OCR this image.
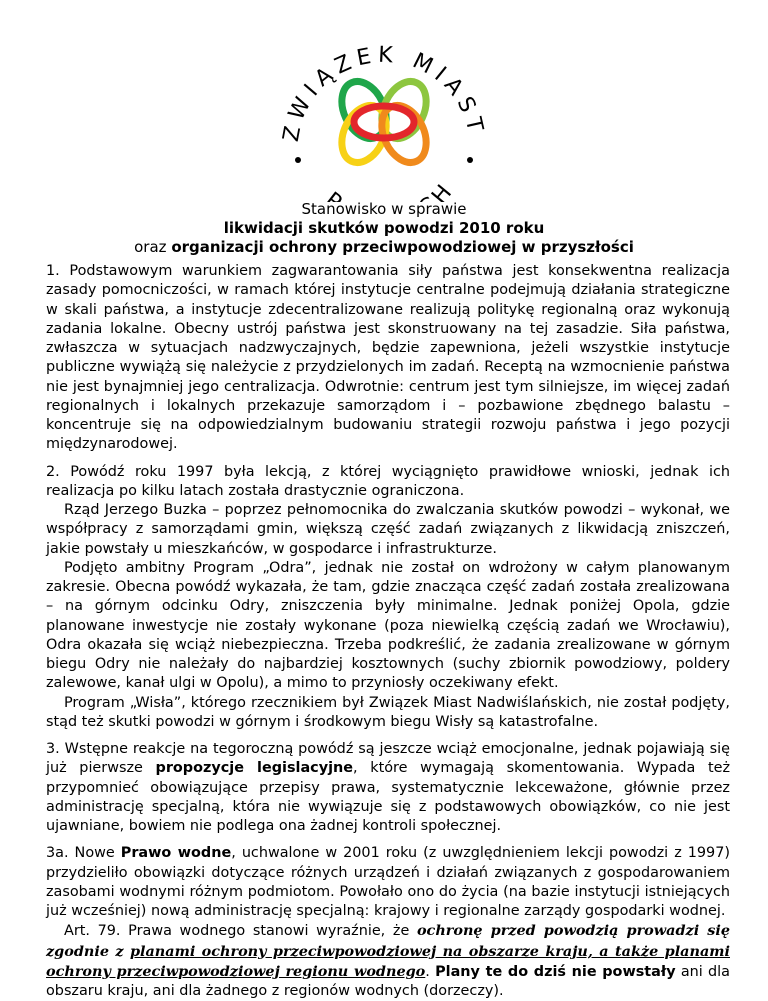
ZWIĄZEK MIAST
H
Stanowisko w sprawie
likwidacji skutków powodzi 2010 roku
oraz organizacji ochrony przeciwpowodziowej w przyszłości

1. Podstawowym warunkiem zagwarantowania siły państwa jest konsekwentna realizacja zasady pomocniczości, w ramach której instytucje centralne podejmują działania strategiczne w skali państwa, a instytucje zdecentralizowane realizują politykę regionalną oraz wykonują zadania lokalne. Obecny ustrój państwa jest skonstruowany na tej zasadzie. Siła państwa, zwłaszcza w sytuacjach nadzwyczajnych, będzie zapewniona, jeżeli wszystkie instytucje publiczne wywiążą się należycie z przydzielonych im zadań. Receptą na wzmocnienie państwa nie jest bynajmniej jego centralizacja. Odwrotnie: centrum jest tym silniejsze, im więcej zadań regionalnych i lokalnych przekazuje samorządom i – pozbawione zbędnego balastu – koncentruje się na odpowiedzialnym budowaniu strategii rozwoju państwa i jego pozycji międzynarodowej.

2. Powódź roku 1997 była lekcją, z której wyciągnięto prawidłowe wnioski, jednak ich realizacja po kilku latach została drastycznie ograniczona.

Rząd Jerzego Buzka – poprzez pełnomocnika do zwalczania skutków powodzi – wykonał, we współpracy z samorządami gmin, większą część zadań związanych z likwidacją zniszczeń, jakie powstały u mieszkańców, w gospodarce i infrastrukturze.

Podjęto ambitny Program „Odra”, jednak nie został on wdrożony w całym planowanym zakresie. Obecna powódź wykazała, że tam, gdzie znacząca część zadań została zrealizowana – na górnym odcinku Odry, zniszczenia były minimalne. Jednak poniżej Opola, gdzie planowane inwestycje nie zostały wykonane (poza niewielką częścią zadań we Wrocławiu), Odra okazała się wciąż niebezpieczna. Trzeba podkreślić, że zadania zrealizowane w górnym biegu Odry nie należały do najbardziej kosztownych (suchy zbiornik powodziowy, poldery zalewowe, kanał ulgi w Opolu), a mimo to przyniosły oczekiwany efekt.

Program „Wisła”, którego rzecznikiem był Związek Miast Nadwiślańskich, nie został podjęty, stąd też skutki powodzi w górnym i środkowym biegu Wisły są katastrofalne.

3. Wstępne reakcje na tegoroczną powódź są jeszcze wciąż emocjonalne, jednak pojawiają się już pierwsze propozycje legislacyjne, które wymagają skomentowania. Wypada też przypomnieć obowiązujące przepisy prawa, systematycznie lekceważone, głównie przez administrację specjalną, która nie wywiązuje się z podstawowych obowiązków, co nie jest ujawniane, bowiem nie podlega ona żadnej kontroli społecznej.

3a. Nowe Prawo wodne, uchwalone w 2001 roku (z uwzględnieniem lekcji powodzi z 1997) przydzieliło obowiązki dotyczące różnych urządzeń i działań związanych z gospodarowaniem zasobami wodnymi różnym podmiotom. Powołało ono do życia (na bazie instytucji istniejących już wcześniej) nową administrację specjalną: krajowy i regionalne zarządy gospodarki wodnej.

Art. 79. Prawa wodnego stanowi wyraźnie, że ochronę przed powodzią prowadzi się zgodnie z planami ochrony przeciwpowodziowej na obszarze kraju, a także planami ochrony przeciwpowodziowej regionu wodnego. Plany te do dziś nie powstały ani dla obszaru kraju, ani dla żadnego z regionów wodnych (dorzeczy).
